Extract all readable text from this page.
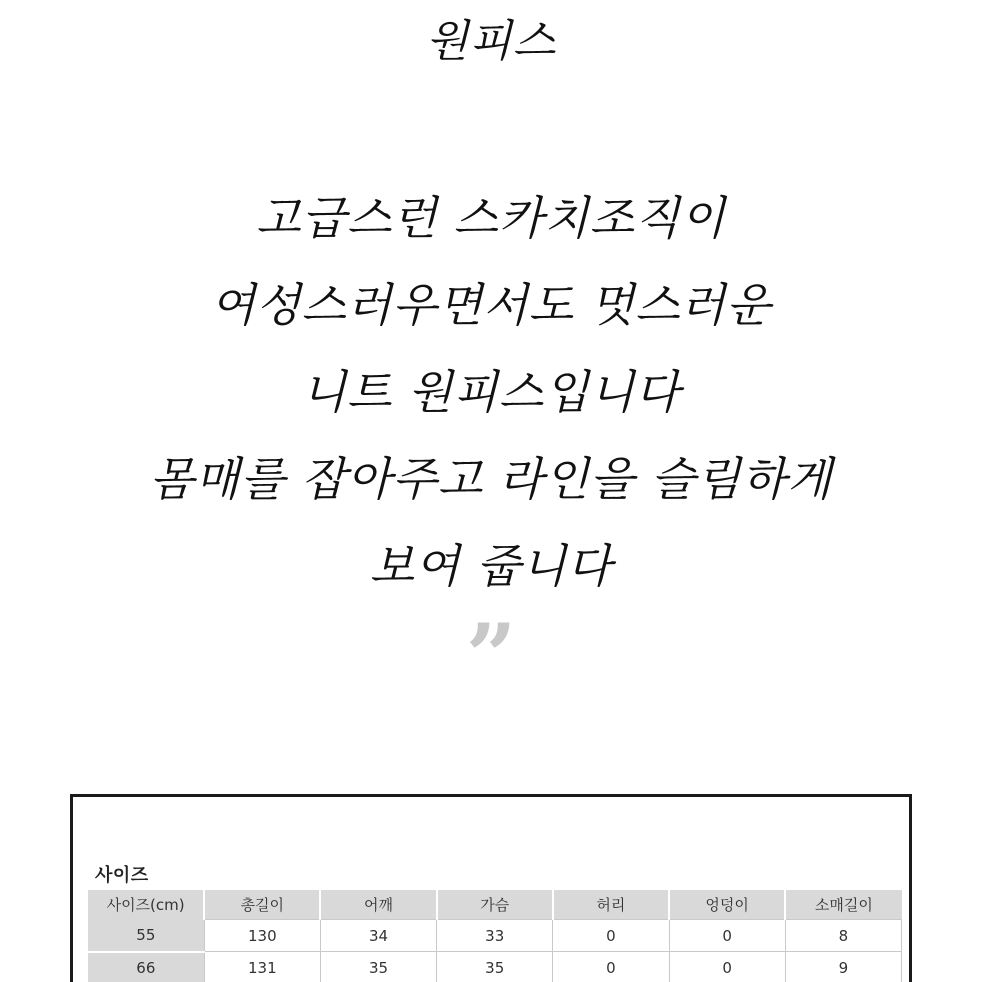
원피스
고급스런 스카치조직이
여성스러우면서도 멋스러운
니트 원피스입니다
몸매를 잡아주고 라인을 슬림하게
보여 줍니다
”
사이즈
사이즈(cm)	총길이	어깨	가슴	허리	엉덩이	소매길이
55	130	34	33	0	0	8
66	131	35	35	0	0	9
